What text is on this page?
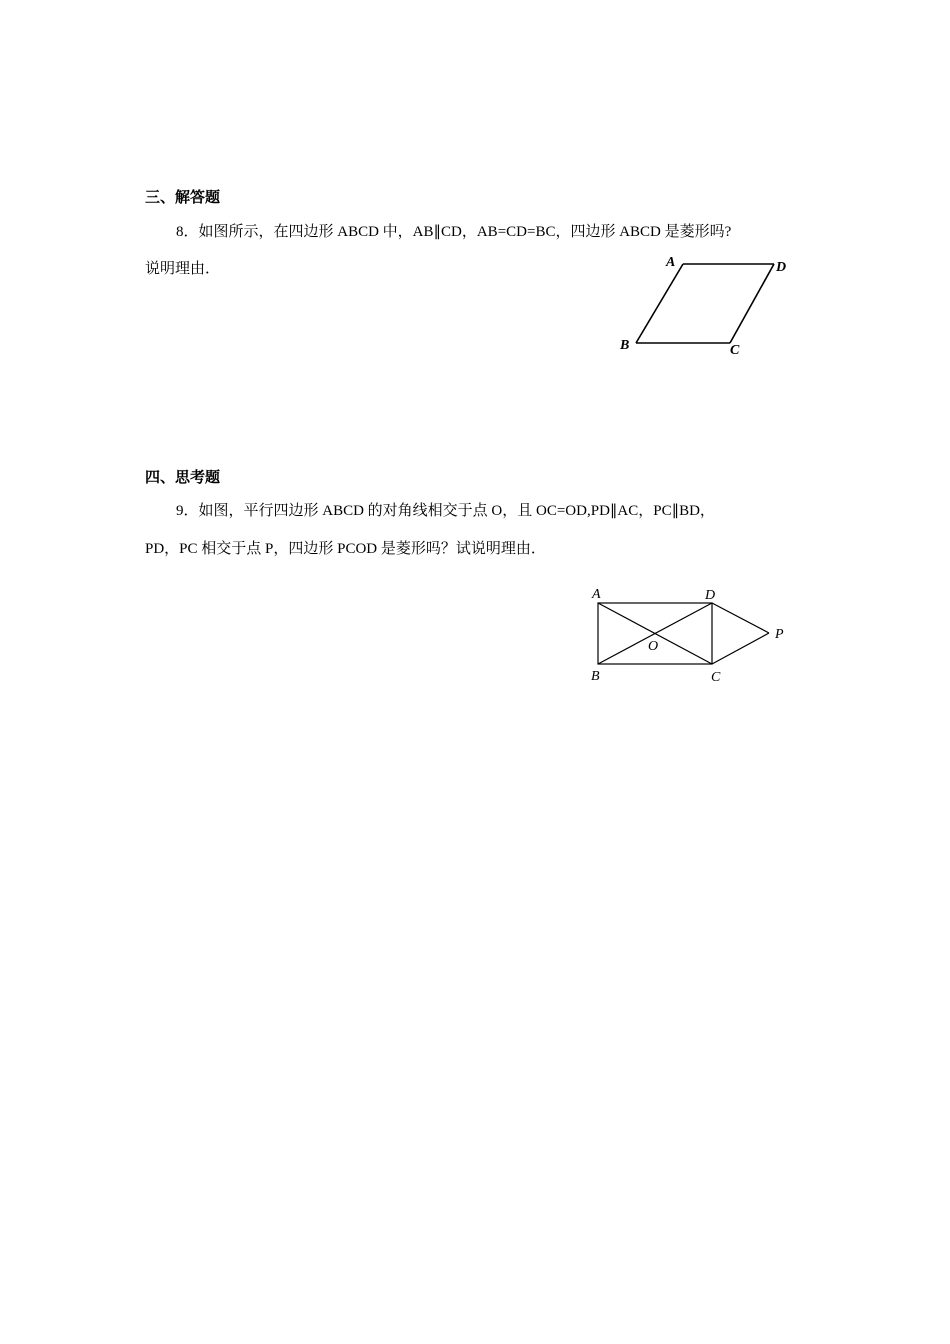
三、解答题
8．如图所示，在四边形 ABCD 中，AB∥CD，AB=CD=BC，四边形 ABCD 是菱形吗?
说明理由．	A	D
B	C
四、思考题
9．如图，平行四边形 ABCD 的对角线相交于点 O，且 OC=OD,PD∥AC，PC∥BD，
PD，PC 相交于点 P，四边形 PCOD 是菱形吗？试说明理由．
A	D
O
P
B	C
